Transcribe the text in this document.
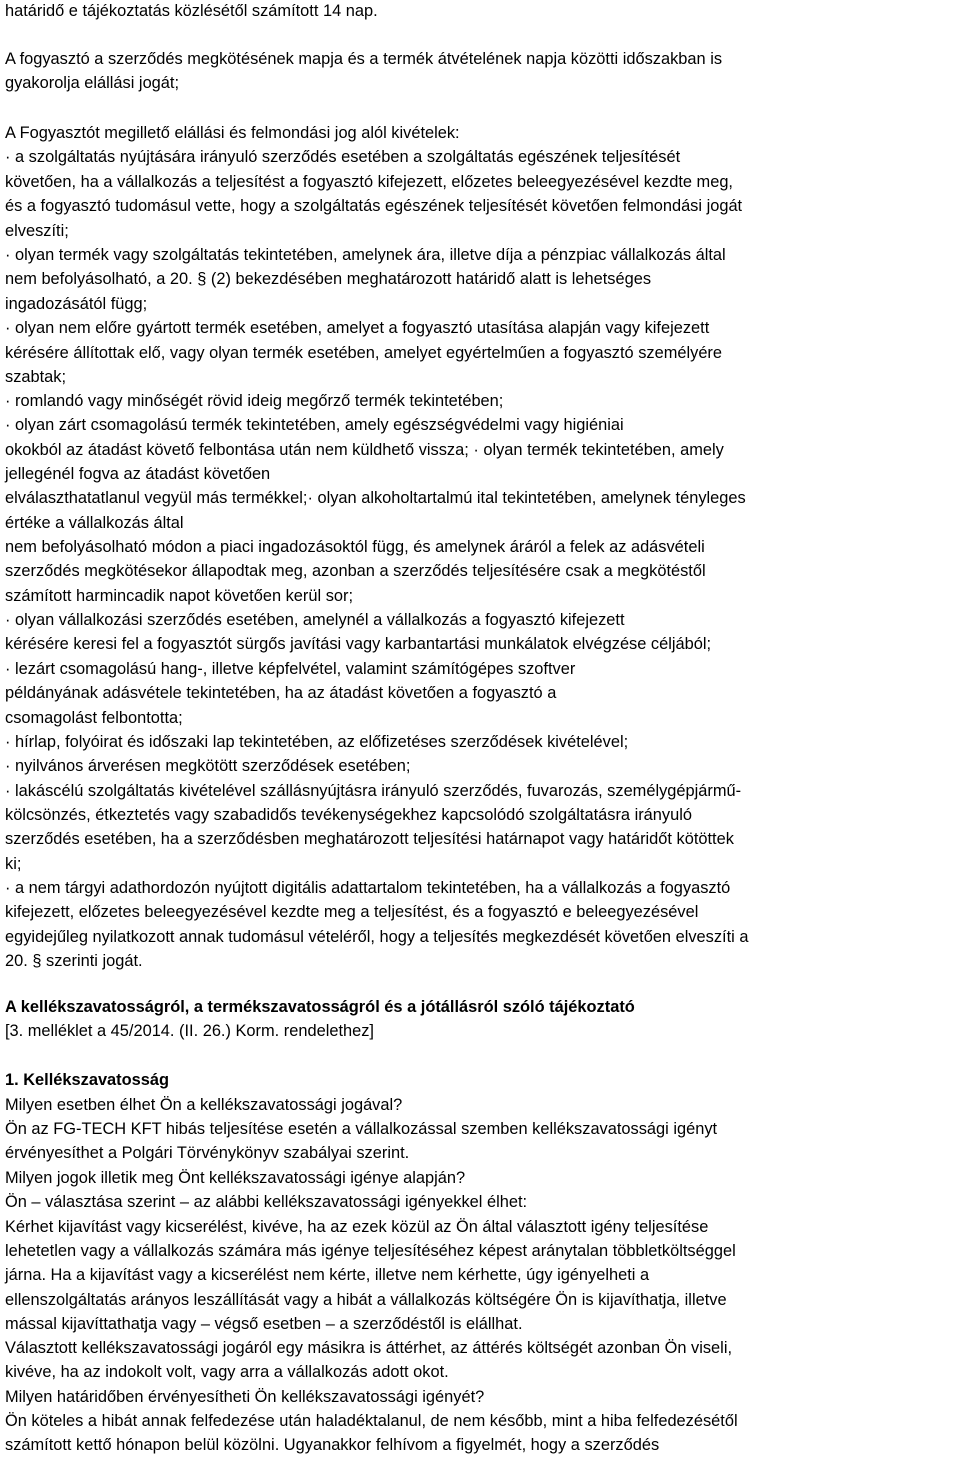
határidő e tájékoztatás közlésétől számított 14 nap.
A fogyasztó a szerződés megkötésének mapja és a termék átvételének napja közötti időszakban is
gyakorolja elállási jogát;
A Fogyasztót megillető elállási és felmondási jog alól kivételek:
· a szolgáltatás nyújtására irányuló szerződés esetében a szolgáltatás egészének teljesítését
követően, ha a vállalkozás a teljesítést a fogyasztó kifejezett, előzetes beleegyezésével kezdte meg,
és a fogyasztó tudomásul vette, hogy a szolgáltatás egészének teljesítését követően felmondási jogát
elveszíti;
· olyan termék vagy szolgáltatás tekintetében, amelynek ára, illetve díja a pénzpiac vállalkozás által
nem befolyásolható, a 20. § (2) bekezdésében meghatározott határidő alatt is lehetséges
ingadozásától függ;
· olyan nem előre gyártott termék esetében, amelyet a fogyasztó utasítása alapján vagy kifejezett
kérésére állítottak elő, vagy olyan termék esetében, amelyet egyértelműen a fogyasztó személyére
szabtak;
· romlandó vagy minőségét rövid ideig megőrző termék tekintetében;
· olyan zárt csomagolású termék tekintetében, amely egészségvédelmi vagy higiéniai
okokból az átadást követő felbontása után nem küldhető vissza; · olyan termék tekintetében, amely
jellegénél fogva az átadást követően
elválaszthatatlanul vegyül más termékkel;· olyan alkoholtartalmú ital tekintetében, amelynek tényleges
értéke a vállalkozás által
nem befolyásolható módon a piaci ingadozásoktól függ, és amelynek áráról a felek az adásvételi
szerződés megkötésekor állapodtak meg, azonban a szerződés teljesítésére csak a megkötéstől
számított harmincadik napot követően kerül sor;
· olyan vállalkozási szerződés esetében, amelynél a vállalkozás a fogyasztó kifejezett
kérésére keresi fel a fogyasztót sürgős javítási vagy karbantartási munkálatok elvégzése céljából;
· lezárt csomagolású hang-, illetve képfelvétel, valamint számítógépes szoftver
példányának adásvétele tekintetében, ha az átadást követően a fogyasztó a
csomagolást felbontotta;
· hírlap, folyóirat és időszaki lap tekintetében, az előfizetéses szerződések kivételével;
· nyilvános árverésen megkötött szerződések esetében;
· lakáscélú szolgáltatás kivételével szállásnyújtásra irányuló szerződés, fuvarozás, személygépjármű-
kölcsönzés, étkeztetés vagy szabadidős tevékenységekhez kapcsolódó szolgáltatásra irányuló
szerződés esetében, ha a szerződésben meghatározott teljesítési határnapot vagy határidőt kötöttek
ki;
· a nem tárgyi adathordozón nyújtott digitális adattartalom tekintetében, ha a vállalkozás a fogyasztó
kifejezett, előzetes beleegyezésével kezdte meg a teljesítést, és a fogyasztó e beleegyezésével
egyidejűleg nyilatkozott annak tudomásul vételéről, hogy a teljesítés megkezdését követően elveszíti a
20. § szerinti jogát.
A kellékszavatosságról, a termékszavatosságról és a jótállásról szóló tájékoztató
[3. melléklet a 45/2014. (II. 26.) Korm. rendelethez]
1. Kellékszavatosság
Milyen esetben élhet Ön a kellékszavatossági jogával?
Ön az FG-TECH KFT hibás teljesítése esetén a vállalkozással szemben kellékszavatossági igényt
érvényesíthet a Polgári Törvénykönyv szabályai szerint.
Milyen jogok illetik meg Önt kellékszavatossági igénye alapján?
Ön – választása szerint – az alábbi kellékszavatossági igényekkel élhet:
Kérhet kijavítást vagy kicserélést, kivéve, ha az ezek közül az Ön által választott igény teljesítése
lehetetlen vagy a vállalkozás számára más igénye teljesítéséhez képest aránytalan többletköltséggel
járna. Ha a kijavítást vagy a kicserélést nem kérte, illetve nem kérhette, úgy igényelheti a
ellenszolgáltatás arányos leszállítását vagy a hibát a vállalkozás költségére Ön is kijavíthatja, illetve
mással kijavíttathatja vagy – végső esetben – a szerződéstől is elállhat.
Választott kellékszavatossági jogáról egy másikra is áttérhet, az áttérés költségét azonban Ön viseli,
kivéve, ha az indokolt volt, vagy arra a vállalkozás adott okot.
Milyen határidőben érvényesítheti Ön kellékszavatossági igényét?
Ön köteles a hibát annak felfedezése után haladéktalanul, de nem később, mint a hiba felfedezésétől
számított kettő hónapon belül közölni. Ugyanakkor felhívom a figyelmét, hogy a szerződés
